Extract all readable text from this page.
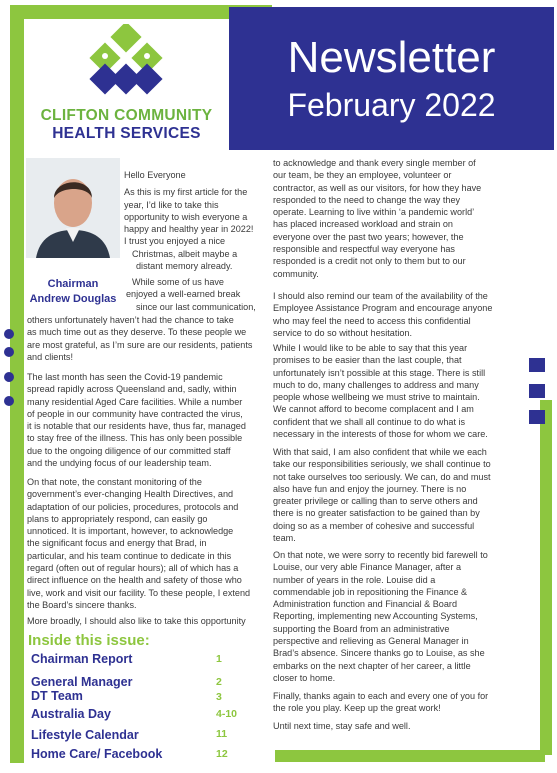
Newsletter
February 2022
CLIFTON COMMUNITY
HEALTH SERVICES
Chairman
Andrew Douglas

Hello Everyone

As this is my first article for the

year, I’d like to take this

opportunity to wish everyone a

happy and healthy year in 2022!

I trust you enjoyed a nice

Christmas, albeit maybe a

distant memory already.

While some of us have

enjoyed a well-earned break

since our last communication,

others unfortunately haven’t had the chance to take

as much time out as they deserve. To these people we

are most grateful, as I’m sure are our residents, patients

and clients!

The last month has seen the Covid-19 pandemic

spread rapidly across Queensland and, sadly, within

many residential Aged Care facilities. While a number

of people in our community have contracted the virus,

it is notable that our residents have, thus far, managed

to stay free of the illness. This has only been possible

due to the ongoing diligence of our committed staff

and the undying focus of our leadership team.

On that note, the constant monitoring of the

government’s ever-changing Health Directives, and

adaptation of our policies, procedures, protocols and

plans to appropriately respond, can easily go

unnoticed. It is important, however, to acknowledge

the significant focus and energy that Brad, in

particular, and his team continue to dedicate in this

regard (often out of regular hours); all of which has a

direct influence on the health and safety of those who

live, work and visit our facility. To these people, I extend

the Board’s sincere thanks.

More broadly, I should also like to take this opportunity

to acknowledge and thank every single member of

our team, be they an employee, volunteer or

contractor, as well as our visitors, for how they have

responded to the need to change the way they

operate. Learning to live within ‘a pandemic world’

has placed increased workload and strain on

everyone over the past two years; however, the

responsible and respectful way everyone has

responded is a credit not only to them but to our

community.

I should also remind our team of the availability of the

Employee Assistance Program and encourage anyone

who may feel the need to access this confidential

service to do so without hesitation.

While I would like to be able to say that this year

promises to be easier than the last couple, that

unfortunately isn’t possible at this stage. There is still

much to do, many challenges to address and many

people whose wellbeing we must strive to maintain.

We cannot afford to become complacent and I am

confident that we shall all continue to do what is

necessary in the interests of those for whom we care.

With that said, I am also confident that while we each

take our responsibilities seriously, we shall continue to

not take ourselves too seriously. We can, do and must

also have fun and enjoy the journey. There is no

greater privilege or calling than to serve others and

there is no greater satisfaction to be gained than by

doing so as a member of cohesive and successful

team.

On that note, we were sorry to recently bid farewell to

Louise, our very able Finance Manager, after a

number of years in the role. Louise did a

commendable job in repositioning the Finance &

Administration function and Financial & Board

Reporting, implementing new Accounting Systems,

supporting the Board from an administrative

perspective and relieving as General Manager in

Brad’s absence. Sincere thanks go to Louise, as she

embarks on the next chapter of her career, a little

closer to home.

Finally, thanks again to each and every one of you for

the role you play. Keep up the great work!

Until next time, stay safe and well.

Inside this issue:
Chairman Report	1
General Manager	2
DT Team	3
Australia Day	4-10
Lifestyle Calendar	11
Home Care/ Facebook	12
